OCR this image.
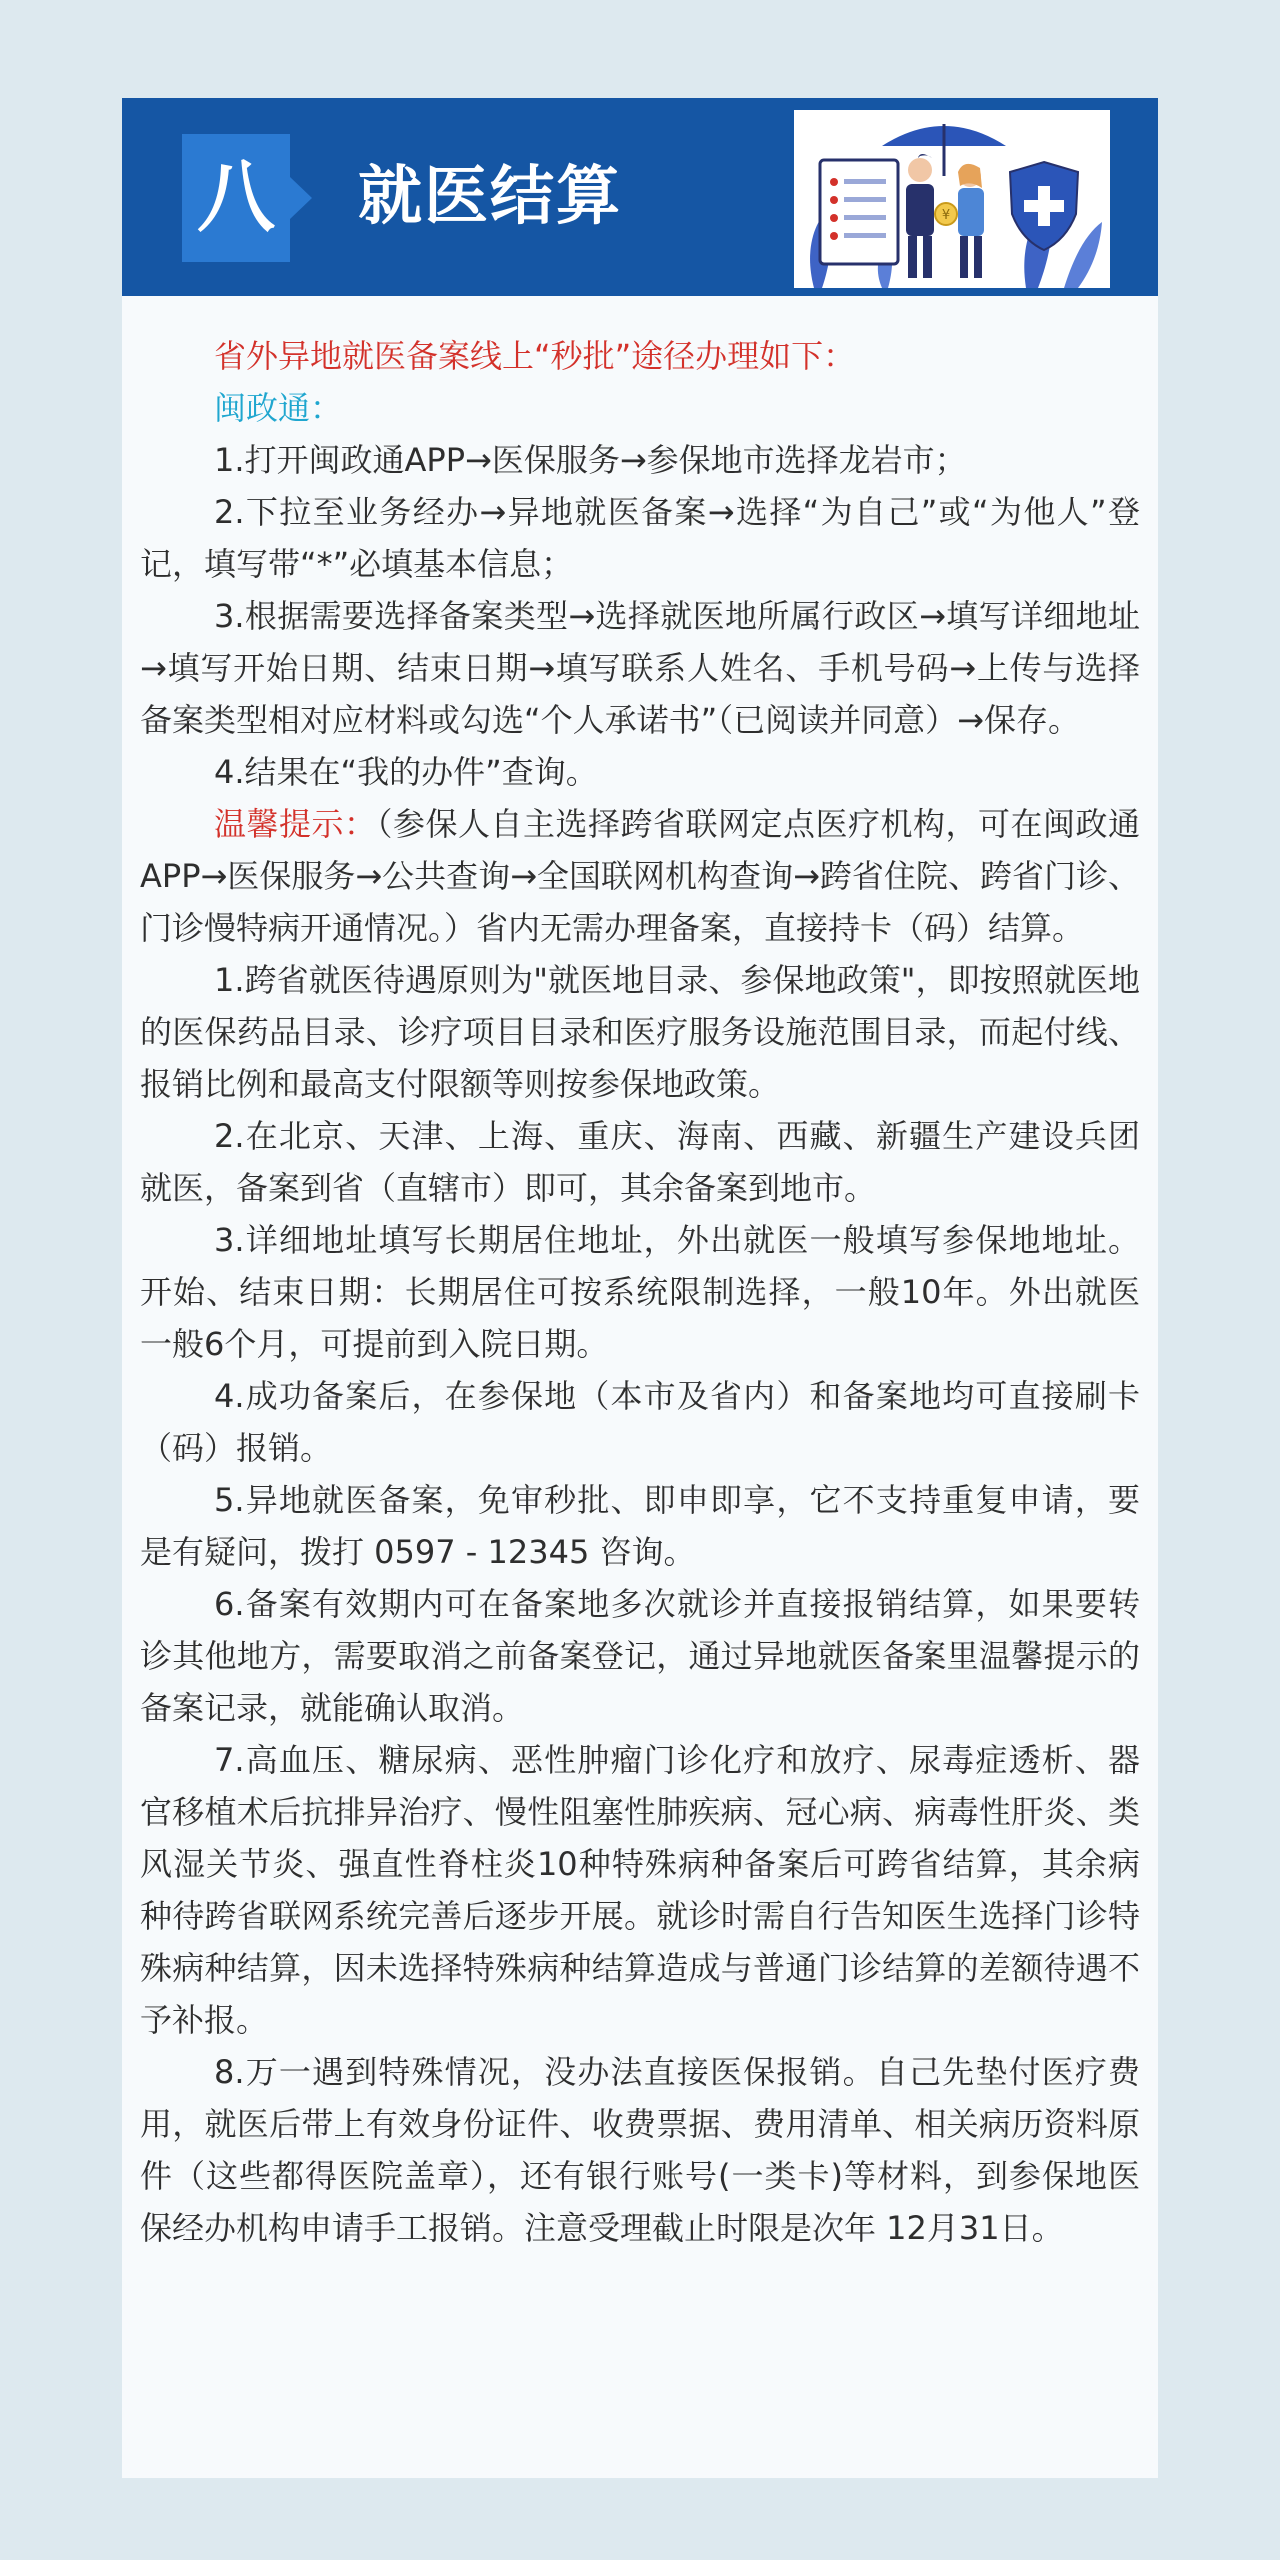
八 就医结算	¥

省外异地就医备案线上“秒批”途径办理如下：

闽政通：

1.打开闽政通APP→医保服务→参保地市选择龙岩市；

2.下拉至业务经办→异地就医备案→选择“为自己”或“为他人”登记，填写带“*”必填基本信息；

3.根据需要选择备案类型→选择就医地所属行政区→填写详细地址→填写开始日期、结束日期→填写联系人姓名、手机号码→上传与选择备案类型相对应材料或勾选“个人承诺书”（已阅读并同意）→保存。

4.结果在“我的办件”查询。

温馨提示：（参保人自主选择跨省联网定点医疗机构，可在闽政通APP→医保服务→公共查询→全国联网机构查询→跨省住院、跨省门诊、门诊慢特病开通情况。）省内无需办理备案，直接持卡（码）结算。

1.跨省就医待遇原则为"就医地目录、参保地政策"，即按照就医地的医保药品目录、诊疗项目目录和医疗服务设施范围目录，而起付线、报销比例和最高支付限额等则按参保地政策。

2.在北京、天津、上海、重庆、海南、西藏、新疆生产建设兵团就医，备案到省（直辖市）即可，其余备案到地市。

3.详细地址填写长期居住地址，外出就医一般填写参保地地址。开始、结束日期：长期居住可按系统限制选择，一般10年。外出就医一般6个月，可提前到入院日期。

4.成功备案后，在参保地（本市及省内）和备案地均可直接刷卡（码）报销。

5.异地就医备案，免审秒批、即申即享，它不支持重复申请，要是有疑问，拨打 0597 - 12345 咨询。

6.备案有效期内可在备案地多次就诊并直接报销结算，如果要转诊其他地方，需要取消之前备案登记，通过异地就医备案里温馨提示的备案记录，就能确认取消。

7.高血压、糖尿病、恶性肿瘤门诊化疗和放疗、尿毒症透析、器官移植术后抗排异治疗、慢性阻塞性肺疾病、冠心病、病毒性肝炎、类风湿关节炎、强直性脊柱炎10种特殊病种备案后可跨省结算，其余病种待跨省联网系统完善后逐步开展。就诊时需自行告知医生选择门诊特殊病种结算，因未选择特殊病种结算造成与普通门诊结算的差额待遇不予补报。

8.万一遇到特殊情况，没办法直接医保报销。自己先垫付医疗费用，就医后带上有效身份证件、收费票据、费用清单、相关病历资料原件（这些都得医院盖章），还有银行账号(一类卡)等材料，到参保地医保经办机构申请手工报销。注意受理截止时限是次年 12月31日。
